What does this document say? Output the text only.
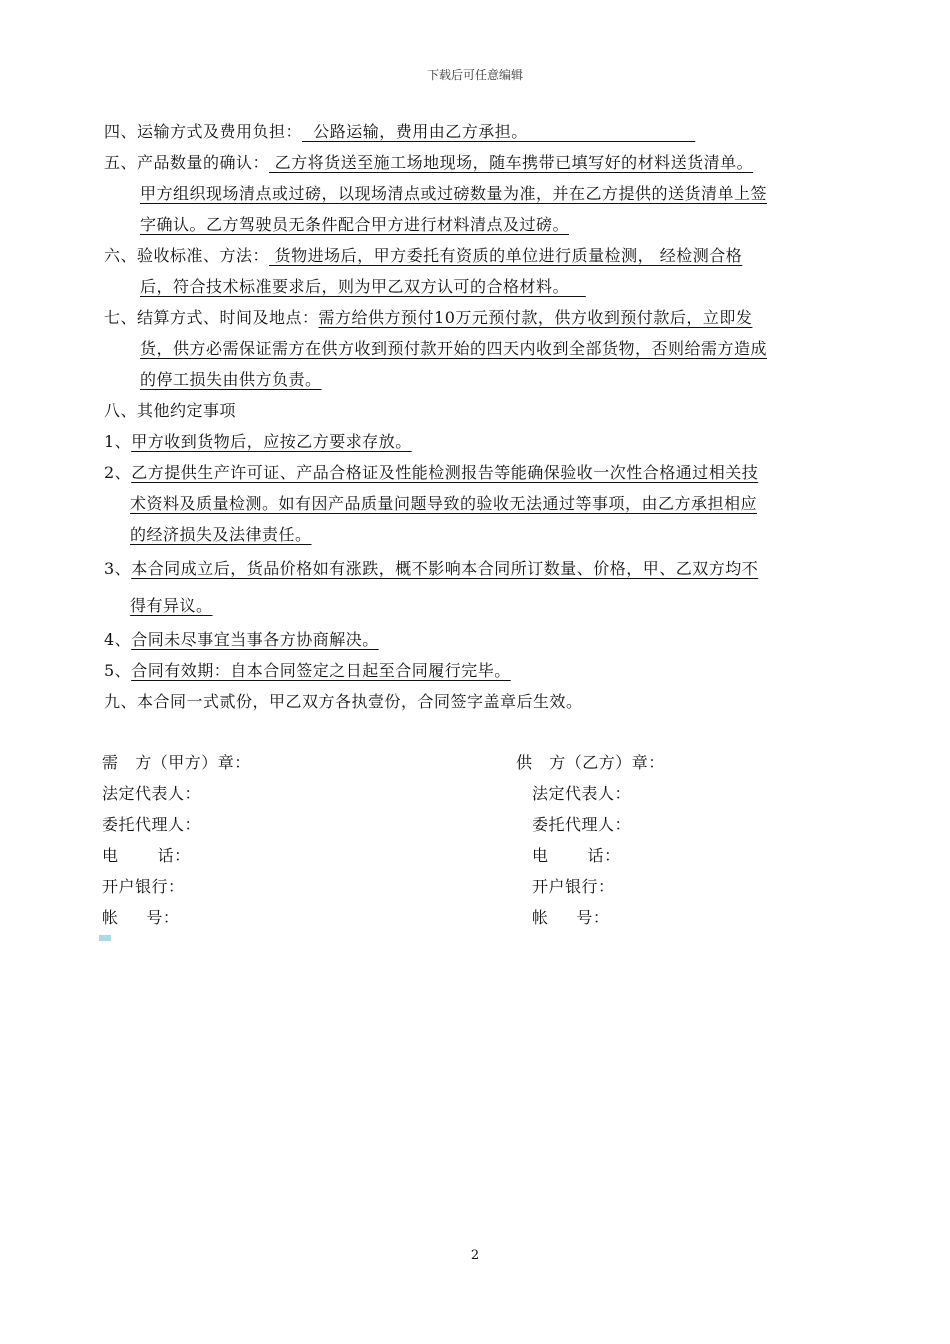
下载后可任意编辑
四、运输方式及费用负担：  公路运输，费用由乙方承担。
五、产品数量的确认： 乙方将货送至施工场地现场，随车携带已填写好的材料送货清单。
甲方组织现场清点或过磅，以现场清点或过磅数量为准，并在乙方提供的送货清单上签
字确认。乙方驾驶员无条件配合甲方进行材料清点及过磅。
六、验收标准、方法： 货物进场后，甲方委托有资质的单位进行质量检测， 经检测合格
后，符合技术标准要求后，则为甲乙双方认可的合格材料。
七、结算方式、时间及地点：需方给供方预付10万元预付款，供方收到预付款后，立即发
货，供方必需保证需方在供方收到预付款开始的四天内收到全部货物，否则给需方造成
的停工损失由供方负责。
八、其他约定事项
1、甲方收到货物后，应按乙方要求存放。
2、乙方提供生产许可证、产品合格证及性能检测报告等能确保验收一次性合格通过相关技
术资料及质量检测。如有因产品质量问题导致的验收无法通过等事项，由乙方承担相应
的经济损失及法律责任。
3、本合同成立后，货品价格如有涨跌，概不影响本合同所订数量、价格，甲、乙双方均不
得有异议。
4、合同未尽事宜当事各方协商解决。
5、合同有效期：自本合同签定之日起至合同履行完毕。
九、本合同一式贰份，甲乙双方各执壹份，合同签字盖章后生效。
需   方（甲方）章：
法定代表人：
委托代理人：
电       话：
开户银行：
帐     号：
供   方（乙方）章：
法定代表人：
委托代理人：
电       话：
开户银行：
帐     号：
2
